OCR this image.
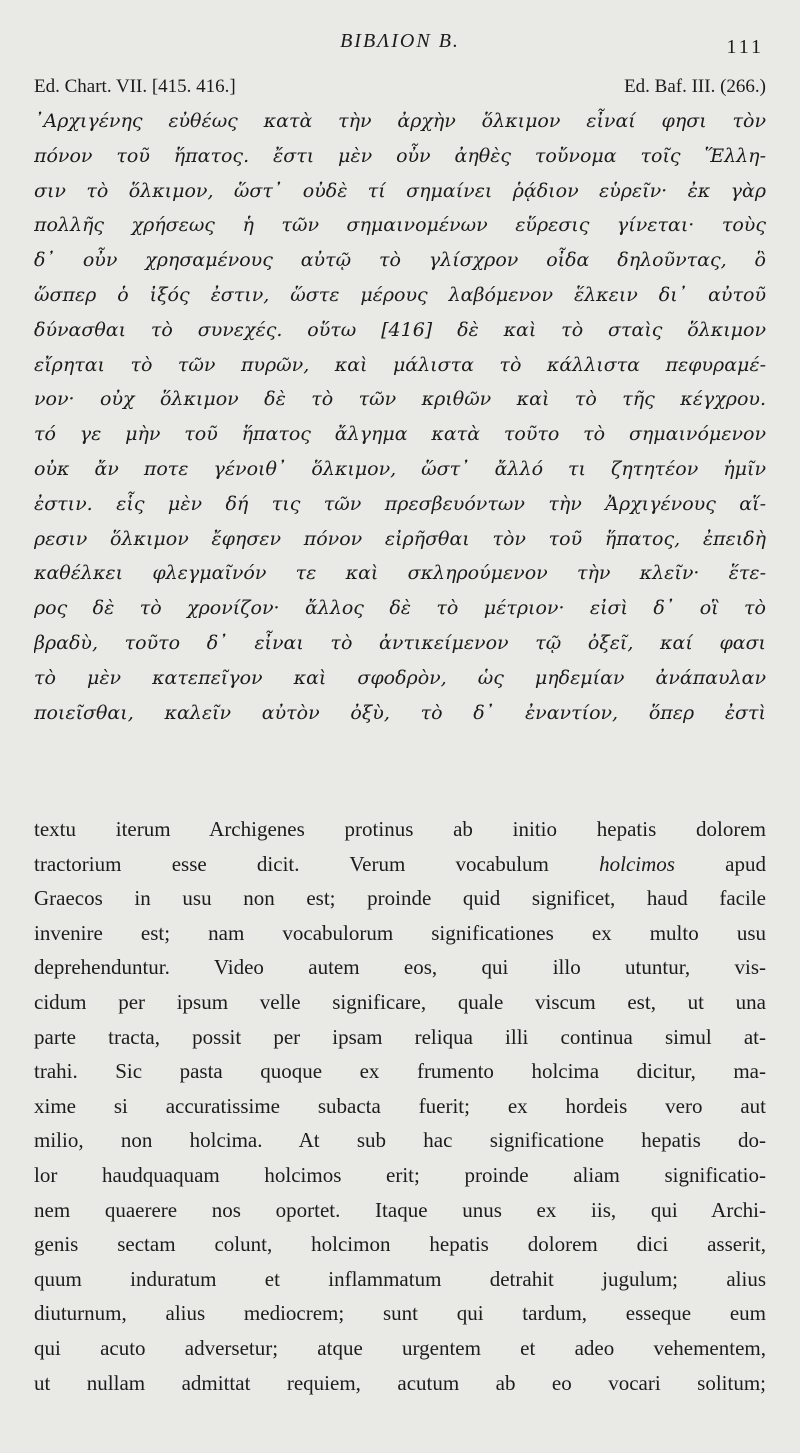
BIBΛION B.	111
Ed. Chart. VII. [415. 416.]	Ed. Baf. III. (266.)
᾿Αρχιγένης εὐθέως κατὰ τὴν ἀρχὴν ὅλκιμον εἶναί φησι τὸν
πόνον τοῦ ἥπατος. ἔστι μὲν οὖν ἀηθὲς τοὔνομα τοῖς Ἕλλη-
σιν τὸ ὅλκιμον, ὥστ᾿ οὐδὲ τί σημαίνει ῥᾴδιον εὑρεῖν· ἐκ γὰρ
πολλῆς χρήσεως ἡ τῶν σημαινομένων εὕρεσις γίνεται· τοὺς
δ᾿ οὖν χρησαμένους αὐτῷ τὸ γλίσχρον οἶδα δηλοῦντας, ὃ
ὥσπερ ὁ ἰξός ἐστιν, ὥστε μέρους λαβόμενον ἕλκειν δι᾿ αὐτοῦ
δύνασθαι τὸ συνεχές. οὕτω [416] δὲ καὶ τὸ σταὶς ὅλκιμον
εἴρηται τὸ τῶν πυρῶν, καὶ μάλιστα τὸ κάλλιστα πεφυραμέ-
νον· οὐχ ὅλκιμον δὲ τὸ τῶν κριθῶν καὶ τὸ τῆς κέγχρου.
τό γε μὴν τοῦ ἥπατος ἄλγημα κατὰ τοῦτο τὸ σημαινόμενον
οὐκ ἄν ποτε γένοιθ᾿ ὅλκιμον, ὥστ᾿ ἄλλό τι ζητητέον ἡμῖν
ἐστιν. εἷς μὲν δή τις τῶν πρεσβευόντων τὴν Ἀρχιγένους αἵ-
ρεσιν ὅλκιμον ἔφησεν πόνον εἰρῆσθαι τὸν τοῦ ἥπατος, ἐπειδὴ
καθέλκει φλεγμαῖνόν τε καὶ σκληρούμενον τὴν κλεῖν· ἕτε-
ρος δὲ τὸ χρονίζον· ἄλλος δὲ τὸ μέτριον· εἰσὶ δ᾿ οἳ τὸ
βραδὺ, τοῦτο δ᾿ εἶναι τὸ ἀντικείμενον τῷ ὀξεῖ, καί φασι
τὸ μὲν κατεπεῖγον καὶ σφοδρὸν, ὡς μηδεμίαν ἀνάπαυλαν
ποιεῖσθαι, καλεῖν αὐτὸν ὀξὺ, τὸ δ᾿ ἐναντίον, ὅπερ ἐστὶ
textu iterum Archigenes protinus ab initio hepatis dolorem
tractorium esse dicit. Verum vocabulum holcimos apud
Graecos in usu non est; proinde quid significet, haud facile
invenire est; nam vocabulorum significationes ex multo usu
deprehenduntur. Video autem eos, qui illo utuntur, vis-
cidum per ipsum velle significare, quale viscum est, ut una
parte tracta, possit per ipsam reliqua illi continua simul at-
trahi. Sic pasta quoque ex frumento holcima dicitur, ma-
xime si accuratissime subacta fuerit; ex hordeis vero aut
milio, non holcima. At sub hac significatione hepatis do-
lor haudquaquam holcimos erit; proinde aliam significatio-
nem quaerere nos oportet. Itaque unus ex iis, qui Archi-
genis sectam colunt, holcimon hepatis dolorem dici asserit,
quum induratum et inflammatum detrahit jugulum; alius
diuturnum, alius mediocrem; sunt qui tardum, esseque eum
qui acuto adversetur; atque urgentem et adeo vehementem,
ut nullam admittat requiem, acutum ab eo vocari solitum;
